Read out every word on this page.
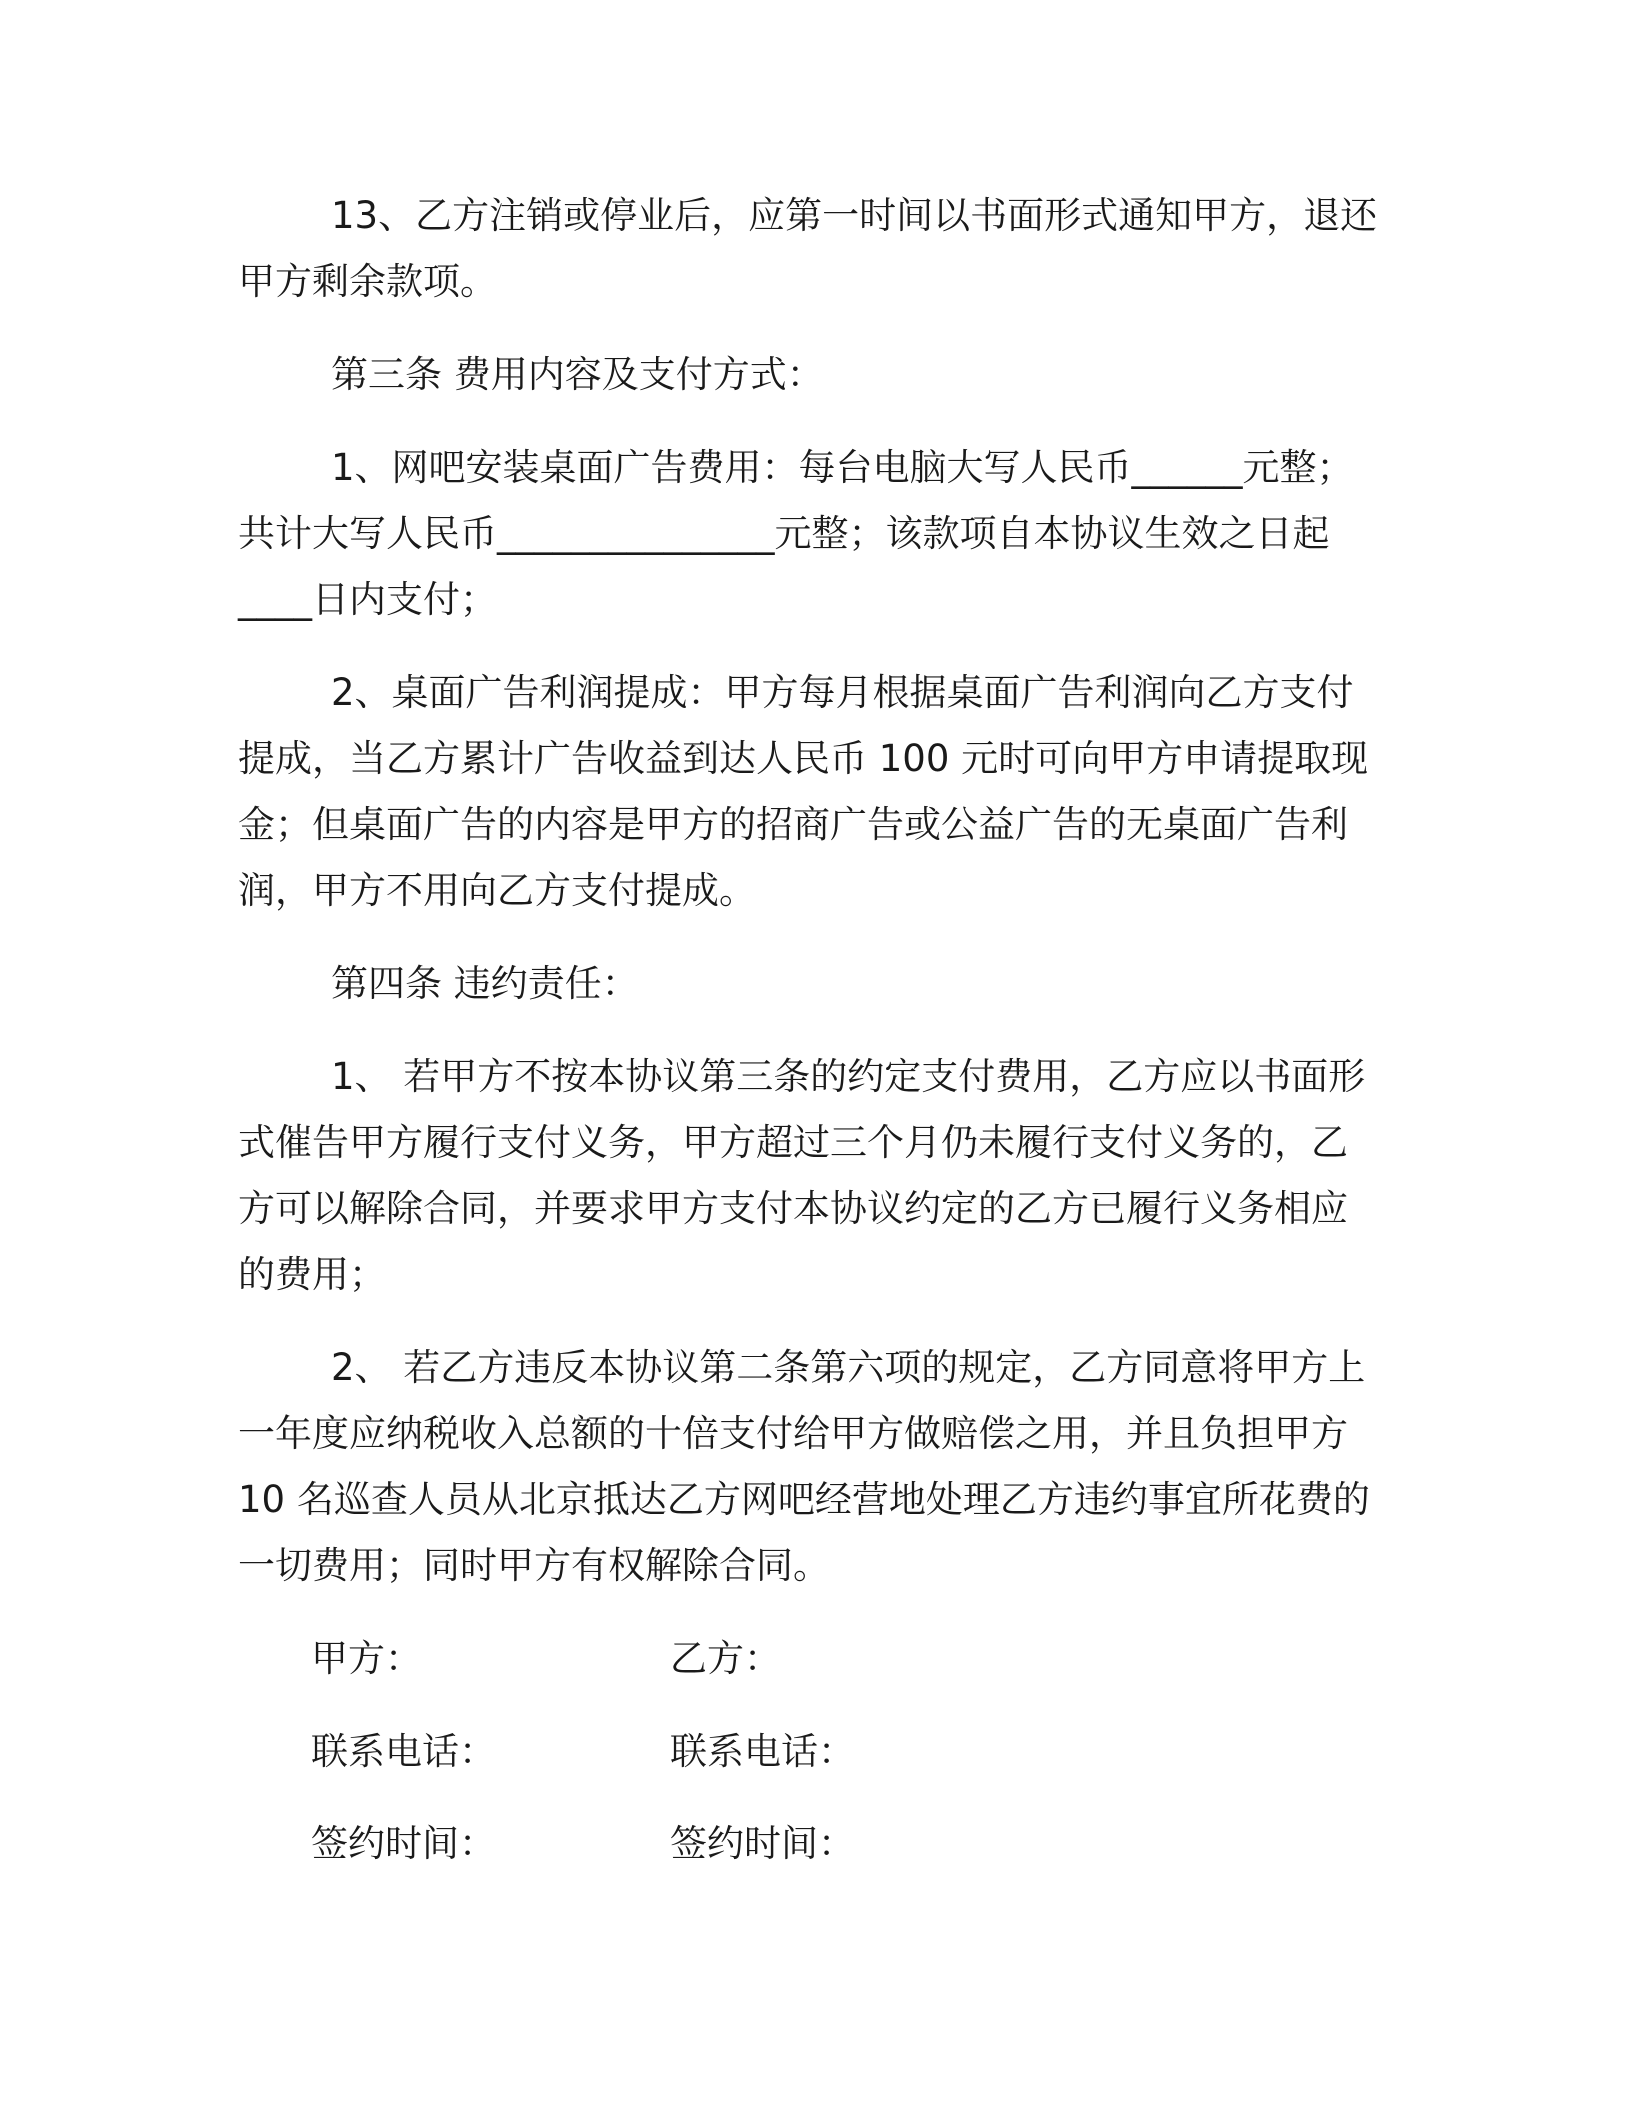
13、乙方注销或停业后，应第一时间以书面形式通知甲方，退还
甲方剩余款项。
第三条 费用内容及支付方式：
1、网吧安装桌面广告费用：每台电脑大写人民币______元整；
共计大写人民币_______________元整；该款项自本协议生效之日起
____日内支付；
2、桌面广告利润提成：甲方每月根据桌面广告利润向乙方支付
提成，当乙方累计广告收益到达人民币 100 元时可向甲方申请提取现
金；但桌面广告的内容是甲方的招商广告或公益广告的无桌面广告利
润，甲方不用向乙方支付提成。
第四条 违约责任：
1、 若甲方不按本协议第三条的约定支付费用，乙方应以书面形
式催告甲方履行支付义务，甲方超过三个月仍未履行支付义务的，乙
方可以解除合同，并要求甲方支付本协议约定的乙方已履行义务相应
的费用；
2、 若乙方违反本协议第二条第六项的规定，乙方同意将甲方上
一年度应纳税收入总额的十倍支付给甲方做赔偿之用，并且负担甲方
10 名巡查人员从北京抵达乙方网吧经营地处理乙方违约事宜所花费的
一切费用；同时甲方有权解除合同。
甲方：	乙方：
联系电话：	联系电话：
签约时间：	签约时间：
